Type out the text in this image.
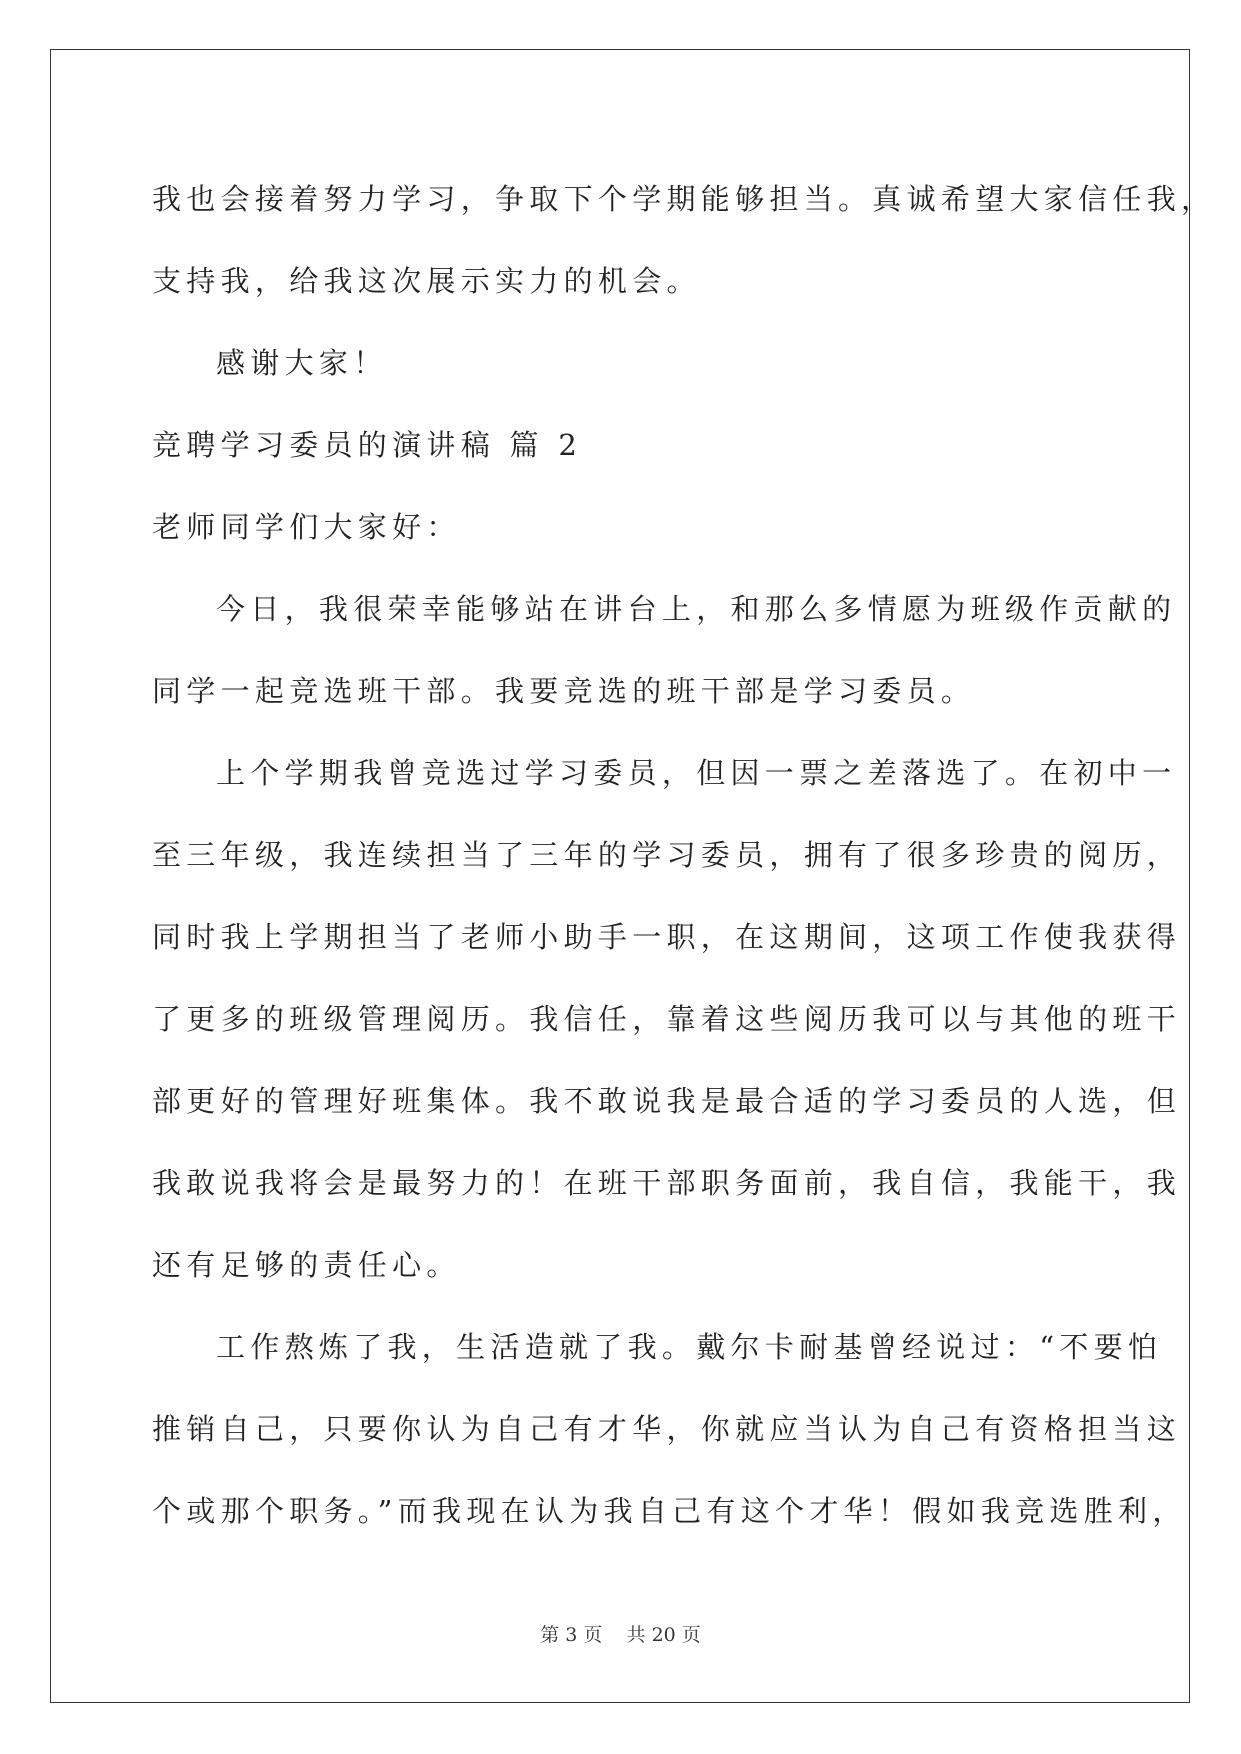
我也会接着努力学习，争取下个学期能够担当。真诚希望大家信任我，

支持我，给我这次展示实力的机会。

感谢大家！

竞聘学习委员的演讲稿 篇 2

老师同学们大家好：

今日，我很荣幸能够站在讲台上，和那么多情愿为班级作贡献的

同学一起竞选班干部。我要竞选的班干部是学习委员。

上个学期我曾竞选过学习委员，但因一票之差落选了。在初中一

至三年级，我连续担当了三年的学习委员，拥有了很多珍贵的阅历，

同时我上学期担当了老师小助手一职，在这期间，这项工作使我获得

了更多的班级管理阅历。我信任，靠着这些阅历我可以与其他的班干

部更好的管理好班集体。我不敢说我是最合适的学习委员的人选，但

我敢说我将会是最努力的！在班干部职务面前，我自信，我能干，我

还有足够的责任心。

工作熬炼了我，生活造就了我。戴尔卡耐基曾经说过：“不要怕

推销自己，只要你认为自己有才华，你就应当认为自己有资格担当这

个或那个职务。”而我现在认为我自己有这个才华！假如我竞选胜利，

第 3 页    共 20 页
